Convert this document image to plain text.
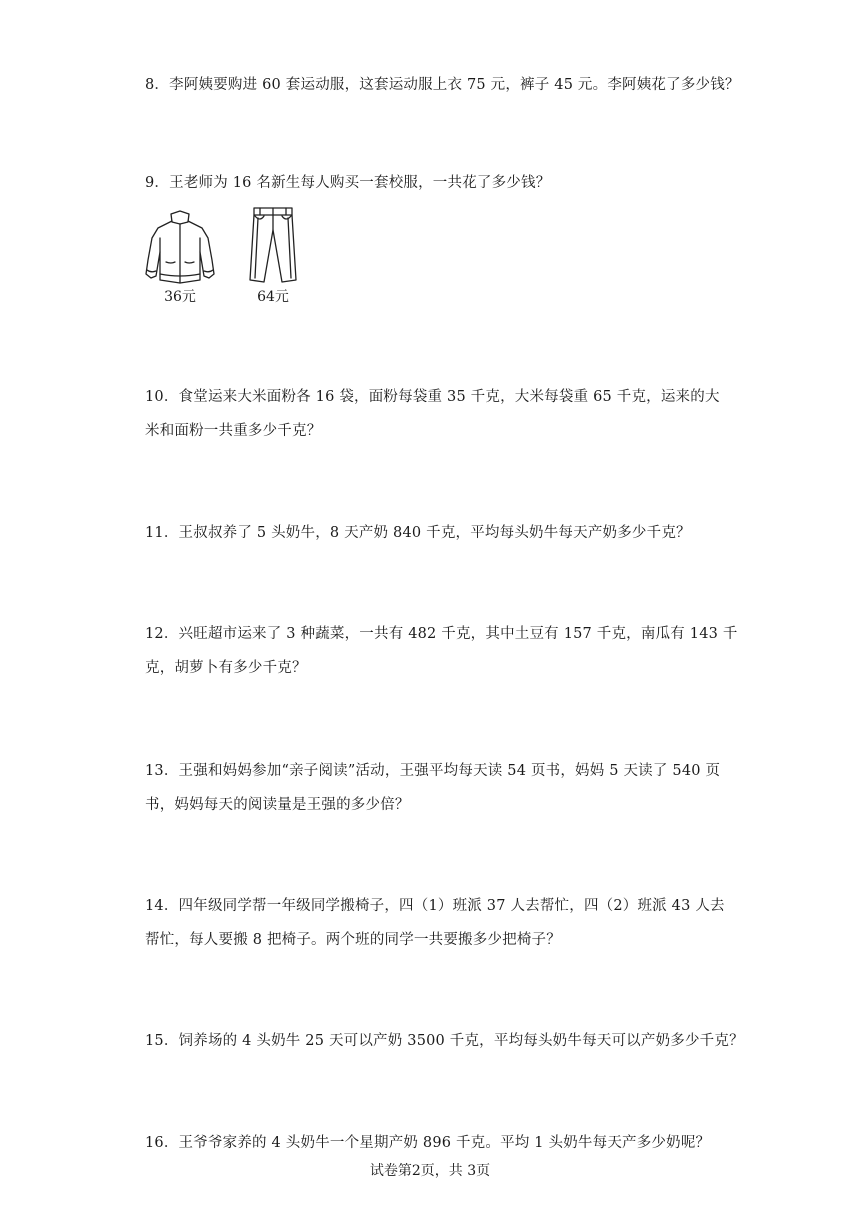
8．李阿姨要购进 60 套运动服，这套运动服上衣 75 元，裤子 45 元。李阿姨花了多少钱？

9．王老师为 16 名新生每人购买一套校服，一共花了多少钱？

36元	64元

10．食堂运来大米面粉各 16 袋，面粉每袋重 35 千克，大米每袋重 65 千克，运来的大
米和面粉一共重多少千克？

11．王叔叔养了 5 头奶牛，8 天产奶 840 千克，平均每头奶牛每天产奶多少千克？

12．兴旺超市运来了 3 种蔬菜，一共有 482 千克，其中土豆有 157 千克，南瓜有 143 千
克，胡萝卜有多少千克？

13．王强和妈妈参加“亲子阅读”活动，王强平均每天读 54 页书，妈妈 5 天读了 540 页
书，妈妈每天的阅读量是王强的多少倍？

14．四年级同学帮一年级同学搬椅子，四（1）班派 37 人去帮忙，四（2）班派 43 人去
帮忙，每人要搬 8 把椅子。两个班的同学一共要搬多少把椅子？

15．饲养场的 4 头奶牛 25 天可以产奶 3500 千克，平均每头奶牛每天可以产奶多少千克？

16．王爷爷家养的 4 头奶牛一个星期产奶 896 千克。平均 1 头奶牛每天产多少奶呢？

试卷第2页，共 3页
